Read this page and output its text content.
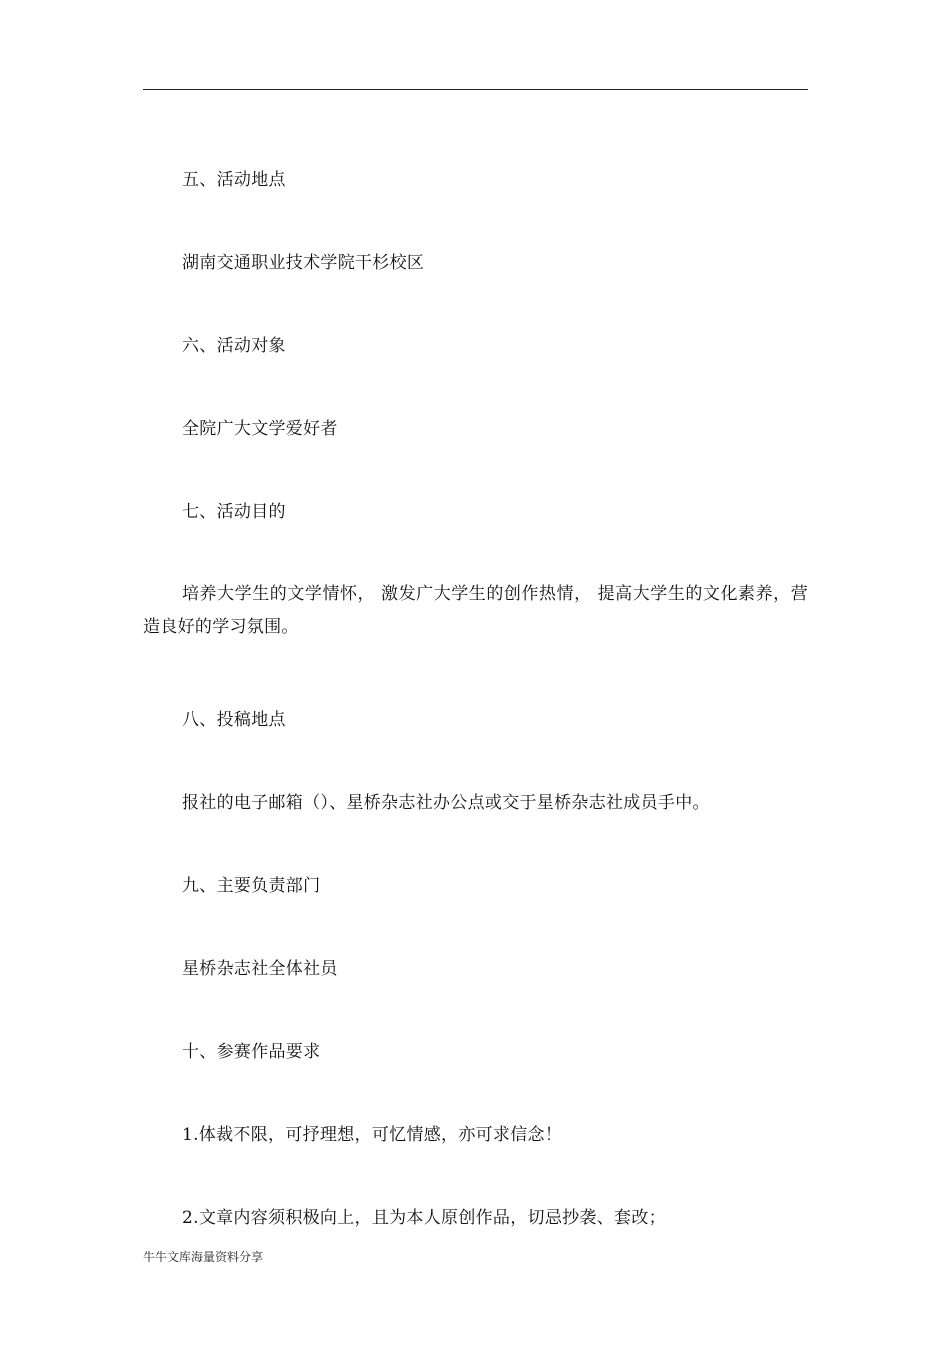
五、活动地点
湖南交通职业技术学院干杉校区
六、活动对象
全院广大文学爱好者
七、活动目的
培养大学生的文学情怀， 激发广大学生的创作热情， 提高大学生的文化素养，营造良好的学习氛围。
八、投稿地点
报社的电子邮箱（）、星桥杂志社办公点或交于星桥杂志社成员手中。
九、主要负责部门
星桥杂志社全体社员
十、参赛作品要求
1.体裁不限，可抒理想，可忆情感，亦可求信念！
2.文章内容须积极向上，且为本人原创作品，切忌抄袭、套改；
牛牛文库海量资料分享
